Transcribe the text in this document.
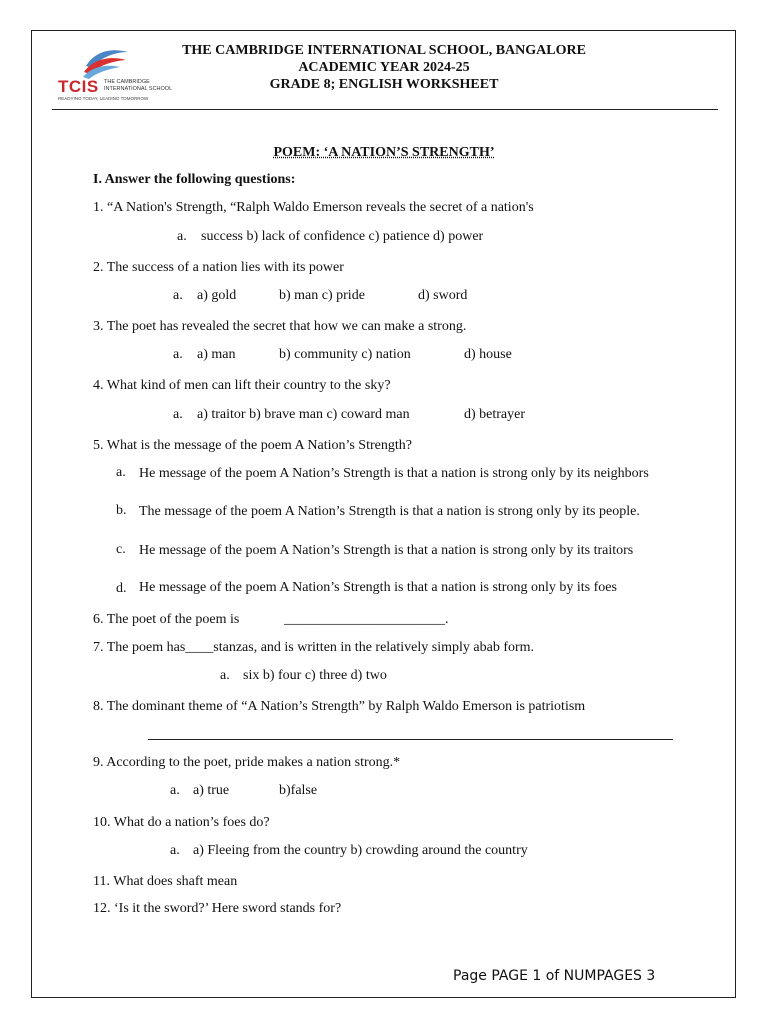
TCIS THE CAMBRIDGE
INTERNATIONAL SCHOOL
READYING TODAY, LEADING TOMORROW
THE CAMBRIDGE INTERNATIONAL SCHOOL, BANGALORE
ACADEMIC YEAR 2024-25
GRADE 8; ENGLISH WORKSHEET
POEM: ‘A NATION’S STRENGTH’
I. Answer the following questions:
1. “A Nation's Strength, “Ralph Waldo Emerson reveals the secret of a nation's
a. success b) lack of confidence c) patience d) power
2. The success of a nation lies with its power
a. a) gold	b) man c) pride	d) sword
3. The poet has revealed the secret that how we can make a strong.
a. a) man	b) community c) nation	d) house
4. What kind of men can lift their country to the sky?
a. a) traitor b) brave man c) coward man	d) betrayer
5. What is the message of the poem A Nation’s Strength?
a. He message of the poem A Nation’s Strength is that a nation is strong only by its neighbors
b. The message of the poem A Nation’s Strength is that a nation is strong only by its people.
c. He message of the poem A Nation’s Strength is that a nation is strong only by its traitors
d. He message of the poem A Nation’s Strength is that a nation is strong only by its foes
6. The poet of the poem is	_______________________.
7. The poem has____stanzas, and is written in the relatively simply abab form.
a. six b) four c) three d) two
8. The dominant theme of “A Nation’s Strength” by Ralph Waldo Emerson is patriotism
9. According to the poet, pride makes a nation strong.*
a. a) true	b)false
10. What do a nation’s foes do?
a. a) Fleeing from the country b) crowding around the country
11. What does shaft mean
12. ‘Is it the sword?’ Here sword stands for?
Page PAGE 1 of NUMPAGES 3
